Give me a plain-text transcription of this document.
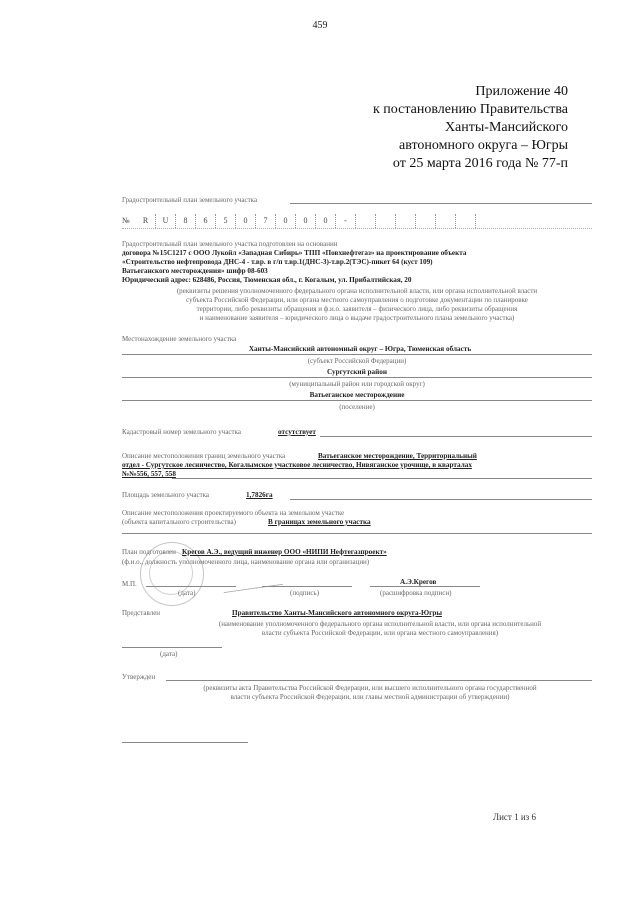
459
Приложение 40
к постановлению Правительства
Ханты-Мансийского
автономного округа – Югры
от 25 марта 2016 года № 77-п
Градостроительный план земельного участка
№	R	U	8	6	5	0	7	0	0	0	-
Градостроительный план земельного участка подготовлен на основании
договора №15С1217 с ООО Лукойл «Западная Сибирь» ТПП «Повхнефтегаз» на проектирование объекта
«Строительство нефтепровода ДНС-4 - т.вр. в г/п т.вр.1(ДНС-3)-т.вр.2(ТЭС)-пикет 64 (куст 109)
Ватьеганского месторождения» шифр 08-603
Юридический адрес: 628486, Россия, Тюменская обл., г. Когалым, ул. Прибалтийская, 20
(реквизиты решения уполномоченного федерального органа исполнительной власти, или органа исполнительной власти
субъекта Российской Федерации, или органа местного самоуправления о подготовке документации по планировке
территории, либо реквизиты обращения и ф.и.о. заявителя – физического лица, либо реквизиты обращения
и наименование заявителя – юридического лица о выдаче градостроительного плана земельного участка)
Местонахождение земельного участка
Ханты-Мансийский автономный округ – Югра, Тюменская область
(субъект Российской Федерации)
Сургутский район
(муниципальный район или городской округ)
Ватьеганское месторождение
(поселение)
Кадастровый номер земельного участка	отсутствует
Описание местоположения границ земельного участка	Ватьеганское месторождение, Территориальный
отдел - Сургутское лесничество, Когалымское участковое лесничество, Нивяганское урочище, в кварталах
№№556, 557, 558
Площадь земельного участка	1,7826га
Описание местоположения проектируемого объекта на земельном участке
(объекта капитального строительства)	В границах земельного участка
План подготовлен Крегов А.Э., ведущий инженер ООО «НИПИ Нефтегазпроект»
(ф.и.о., должность уполномоченного лица, наименование органа или организации)
М.П.
(дата)	(подпись)
А.Э.Крегов
(расшифровка подписи)
Представлен	Правительство Ханты-Мансийского автономного округа-Югры
(наименование уполномоченного федерального органа исполнительной власти, или органа исполнительной
власти субъекта Российской Федерации, или органа местного самоуправления)
(дата)
Утвержден
(реквизиты акта Правительства Российской Федерации, или высшего исполнительного органа государственной
власти субъекта Российской Федерации, или главы местной администрации об утверждении)
Лист 1 из 6
